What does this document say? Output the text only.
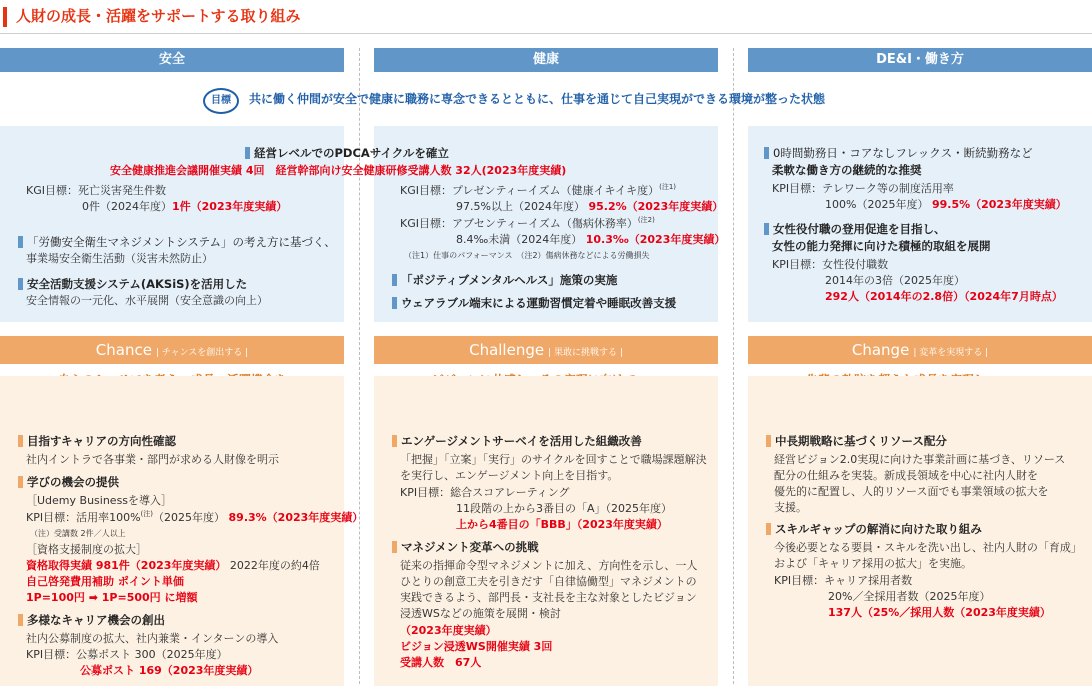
人財の成長・活躍をサポートする取り組み
安全	健康	DE&I・働き方
目標	共に働く仲間が安全で健康に職務に専念できるとともに、仕事を通じて自己実現ができる環境が整った状態
経営レベルでのPDCAサイクルを確立
安全健康推進会議開催実績 4回　経営幹部向け安全健康研修受講人数 32人(2023年度実績)
KGI目標：死亡災害発生件数
0件（2024年度）1件（2023年度実績）
「労働安全衛生マネジメントシステム」の考え方に基づく、
事業場安全衛生活動（災害未然防止）
安全活動支援システム(AKSiS)を活用した
安全情報の一元化、水平展開（安全意識の向上）
KGI目標：プレゼンティーイズム（健康イキイキ度）$^{(注1)}$
97.5%以上（2024年度） 95.2%（2023年度実績）
KGI目標：アブセンティーイズム（傷病休務率）$^{(注2)}$
8.4‰未満（2024年度） 10.3‰（2023年度実績）
（注1）仕事のパフォーマンス　（注2）傷病休務などによる労働損失
「ポジティブメンタルヘルス」施策の実施
ウェアラブル端末による運動習慣定着や睡眠改善支援
0時間勤務日・コアなしフレックス・断続勤務など
柔軟な働き方の継続的な推奨
KPI目標：テレワーク等の制度活用率
100%（2025年度） 99.5%（2023年度実績）
女性役付職の登用促進を目指し、
女性の能力発揮に向けた積極的取組を展開
KPI目標：女性役付職数
2014年の3倍（2025年度）
292人（2014年の2.8倍）（2024年7月時点）
Chance | チャンスを創出する |	Challenge | 果敢に挑戦する |	Change | 変革を実現する |
目指すキャリアの方向性確認
社内イントラで各事業・部門が求める人財像を明示
学びの機会の提供
［Udemy Businessを導入］
KPI目標：活用率100%$^{(注)}$（2025年度） 89.3%（2023年度実績）
（注）受講数 2件／人以上
［資格支援制度の拡大］
資格取得実績 981件（2023年度実績） 2022年度の約4倍
自己啓発費用補助 ポイント単価
1P=100円 ➡ 1P=500円 に増額
多様なキャリア機会の創出
社内公募制度の拡大、社内兼業・インターンの導入
KPI目標：公募ポスト 300（2025年度）
公募ポスト 169（2023年度実績）
エンゲージメントサーベイを活用した組織改善
「把握」「立案」「実行」のサイクルを回すことで職場課題解決
を実行し、エンゲージメント向上を目指す。
KPI目標：総合スコアレーティング
11段階の上から3番目の「A」（2025年度）
上から4番目の「BBB」（2023年度実績）
マネジメント変革への挑戦
従来の指揮命令型マネジメントに加え、方向性を示し、一人
ひとりの創意工夫を引きだす「自律協働型」マネジメントの
実践できるよう、部門長・支社長を主な対象としたビジョン
浸透WSなどの施策を展開・検討
（2023年度実績）
ビジョン浸透WS開催実績 3回
受講人数　67人
中長期戦略に基づくリソース配分
経営ビジョン2.0実現に向けた事業計画に基づき、リソース
配分の仕組みを実装。新成長領域を中心に社内人財を
優先的に配置し、人的リソース面でも事業領域の拡大を
支援。
スキルギャップの解消に向けた取り組み
今後必要となる要員・スキルを洗い出し、社内人財の「育成」
および「キャリア採用の拡大」を実施。
KPI目標：キャリア採用者数
20%／全採用者数（2025年度）
137人（25%／採用人数（2023年度実績）
